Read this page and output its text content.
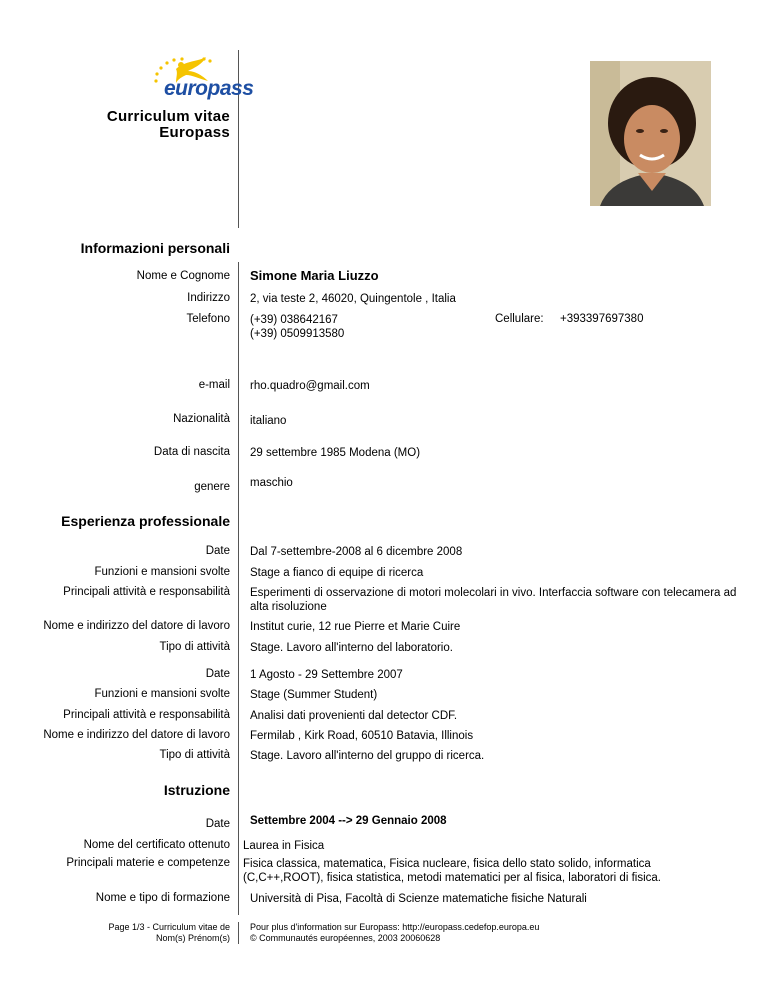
europass
Curriculum vitae
Europass
Informazioni personali
Nome e Cognome Simone Maria Liuzzo
Indirizzo 2, via teste 2, 46020, Quingentole , Italia
Telefono (+39) 038642167
(+39) 0509913580
Cellulare: +393397697380
e-mail rho.quadro@gmail.com
Nazionalità italiano
Data di nascita 29 settembre 1985 Modena (MO)
genere maschio
Esperienza professionale
Date Dal 7-settembre-2008 al 6 dicembre 2008
Funzioni e mansioni svolte Stage a fianco di equipe di ricerca
Principali attività e responsabilità Esperimenti di osservazione di motori molecolari in vivo. Interfaccia software con telecamera ad alta risoluzione
Nome e indirizzo del datore di lavoro Institut curie, 12 rue Pierre et Marie Cuire
Tipo di attività Stage. Lavoro all'interno del laboratorio.
Date 1 Agosto - 29 Settembre 2007
Funzioni e mansioni svolte Stage (Summer Student)
Principali attività e responsabilità Analisi dati provenienti dal detector CDF.
Nome e indirizzo del datore di lavoro Fermilab , Kirk Road, 60510 Batavia, Illinois
Tipo di attività Stage. Lavoro all'interno del gruppo di ricerca.
Istruzione
Date Settembre 2004 --> 29 Gennaio 2008
Nome del certificato ottenuto Laurea in Fisica
Principali materie e competenze Fisica classica, matematica, Fisica nucleare, fisica dello stato solido, informatica (C,C++,ROOT), fisica statistica, metodi matematici per al fisica, laboratori di fisica.
Nome e tipo di formazione Università di Pisa, Facoltà di Scienze matematiche fisiche Naturali
Page 1/3 - Curriculum vitae de
Nom(s) Prénom(s)
Pour plus d'information sur Europass: http://europass.cedefop.europa.eu
© Communautés européennes, 2003 20060628
